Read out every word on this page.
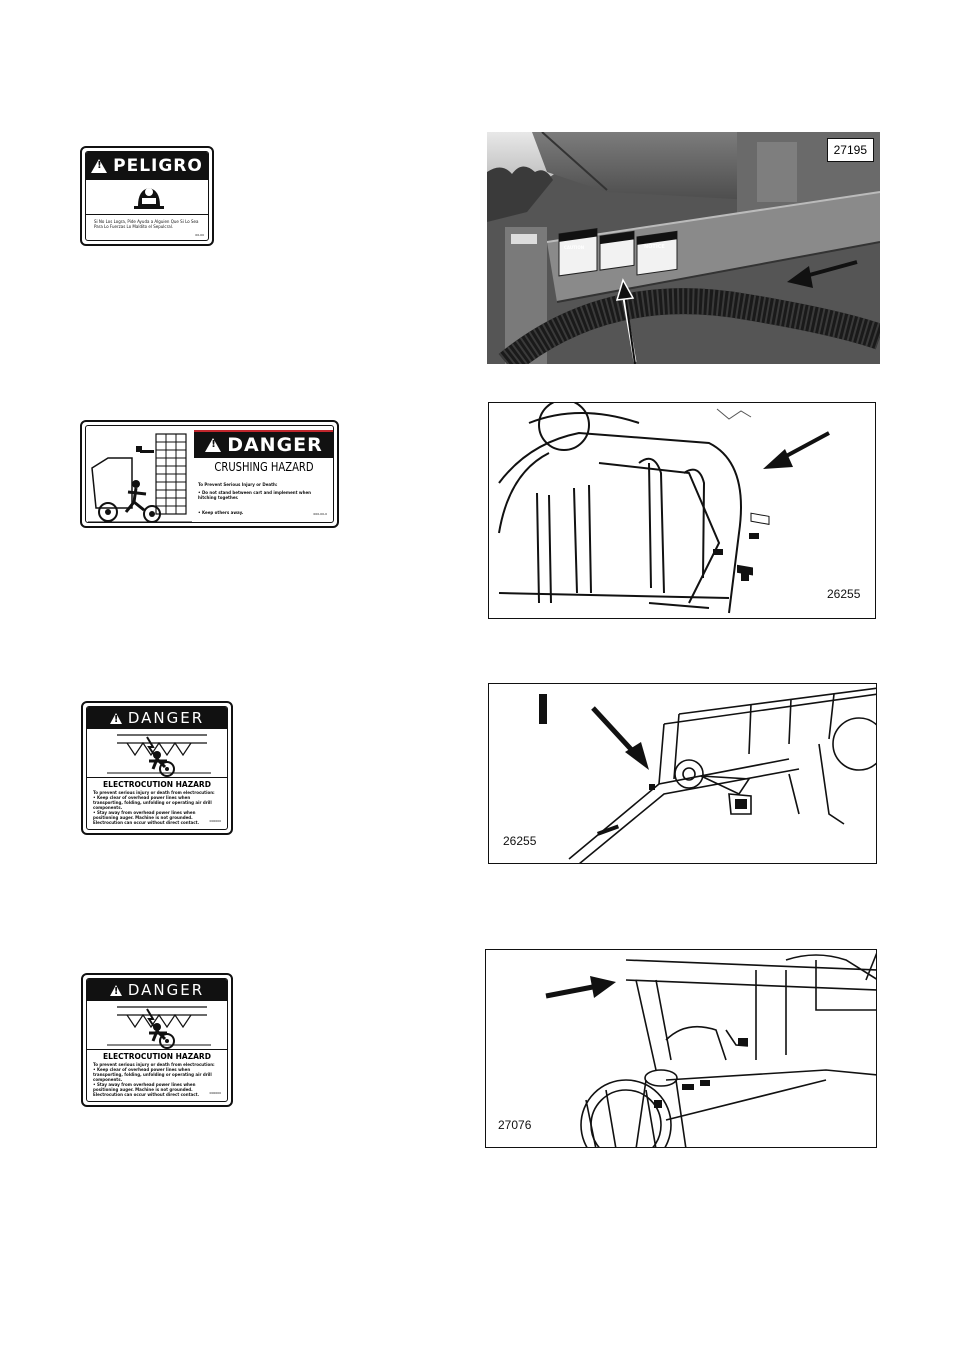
!
PELIGRO
Si No Los Logra, Pide Ayuda a Alguien Que Si Lo Sea Para Lo Fuerzas Lo Maldito el Sepulcral.
00-00
!
DANGER
CRUSHING HAZARD
To Prevent Serious Injury or Death:
• Do not stand between cart and implement when hitching together.
• Keep others away.	000-00-0
!
DANGER
ELECTROCUTION HAZARD
To prevent serious injury or death from electrocution:
• Keep clear of overhead power lines when transporting, folding, unfolding or operating air drill components.
• Stay away from overhead power lines when positioning auger. Machine is not grounded. Electrocution can occur without direct contact.	000000
!
DANGER
ELECTROCUTION HAZARD
To prevent serious injury or death from electrocution:
• Keep clear of overhead power lines when transporting, folding, unfolding or operating air drill components.
• Stay away from overhead power lines when positioning auger. Machine is not grounded. Electrocution can occur without direct contact.	000000
CAUTION	NOTICE
27195
26255
26255
27076
